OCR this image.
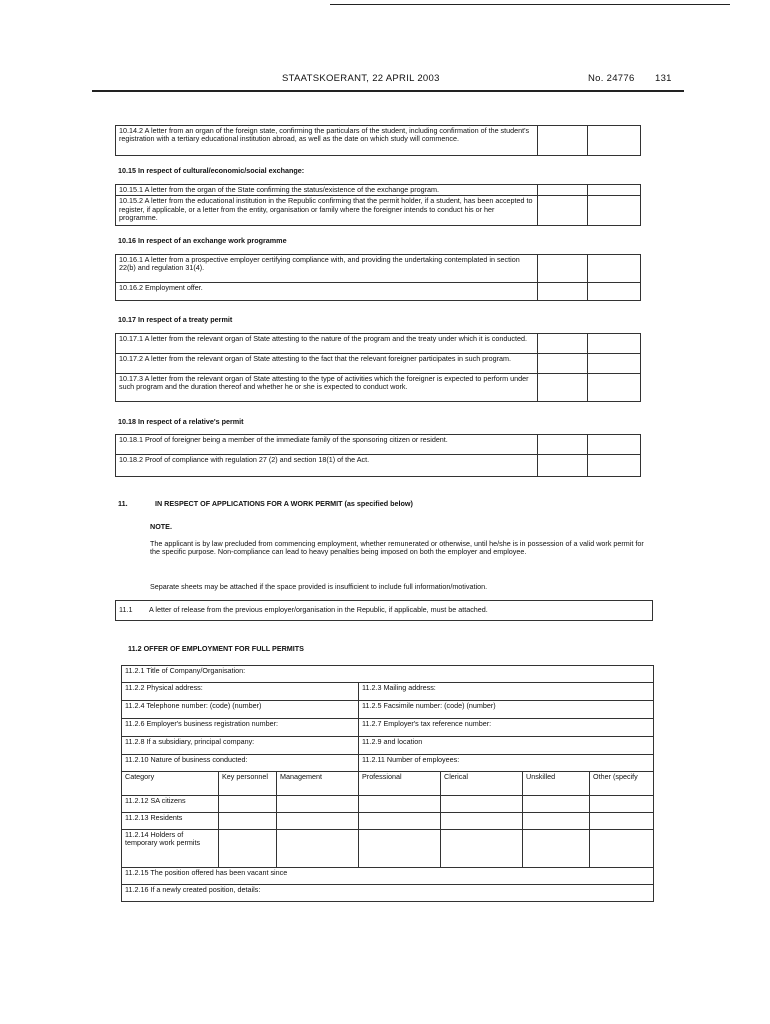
STAATSKOERANT, 22 APRIL 2003	No. 24776 131
10.14.2 A letter from an organ of the foreign state, confirming the particulars of the student, including confirmation of the student's registration with a tertiary educational institution abroad, as well as the date on which study will commence.		
10.15 In respect of cultural/economic/social exchange:
10.15.1 A letter from the organ of the State confirming the status/existence of the exchange program.		
10.15.2 A letter from the educational institution in the Republic confirming that the permit holder, if a student, has been accepted to register, if applicable, or a letter from the entity, organisation or family where the foreigner intends to conduct his or her programme.		
10.16 In respect of an exchange work programme
10.16.1 A letter from a prospective employer certifying compliance with, and providing the undertaking contemplated in section 22(b) and regulation 31(4).		
10.16.2 Employment offer.		
10.17 In respect of a treaty permit
10.17.1 A letter from the relevant organ of State attesting to the nature of the program and the treaty under which it is conducted.		
10.17.2 A letter from the relevant organ of State attesting to the fact that the relevant foreigner participates in such program.		
10.17.3 A letter from the relevant organ of State attesting to the type of activities which the foreigner is expected to perform under such program and the duration thereof and whether he or she is expected to conduct work.		
10.18 In respect of a relative's permit
10.18.1 Proof of foreigner being a member of the immediate family of the sponsoring citizen or resident.		
10.18.2 Proof of compliance with regulation 27 (2) and section 18(1) of the Act.		
11.	IN RESPECT OF APPLICATIONS FOR A WORK PERMIT (as specified below)
NOTE.
The applicant is by law precluded from commencing employment, whether remunerated or otherwise, until he/she is in possession of a valid work permit for the specific purpose. Non-compliance can lead to heavy penalties being imposed on both the employer and employee.
Separate sheets may be attached if the space provided is insufficient to include full information/motivation.
11.1 A letter of release from the previous employer/organisation in the Republic, if applicable, must be attached.
11.2 OFFER OF EMPLOYMENT FOR FULL PERMITS
11.2.1 Title of Company/Organisation:						
11.2.2 Physical address:			11.2.3 Mailing address:			
11.2.4 Telephone number: (code) (number)			11.2.5 Facsimile number: (code) (number)			
11.2.6 Employer's business registration number:			11.2.7 Employer's tax reference number:			
11.2.8 If a subsidiary, principal company:			11.2.9 and location			
11.2.10 Nature of business conducted:			11.2.11 Number of employees:			
Category	Key personnel	Management	Professional	Clerical	Unskilled	Other (specify
11.2.12 SA citizens						
11.2.13 Residents						
11.2.14 Holders of temporary work permits						
11.2.15 The position offered has been vacant since						
11.2.16 If a newly created position, details:						
